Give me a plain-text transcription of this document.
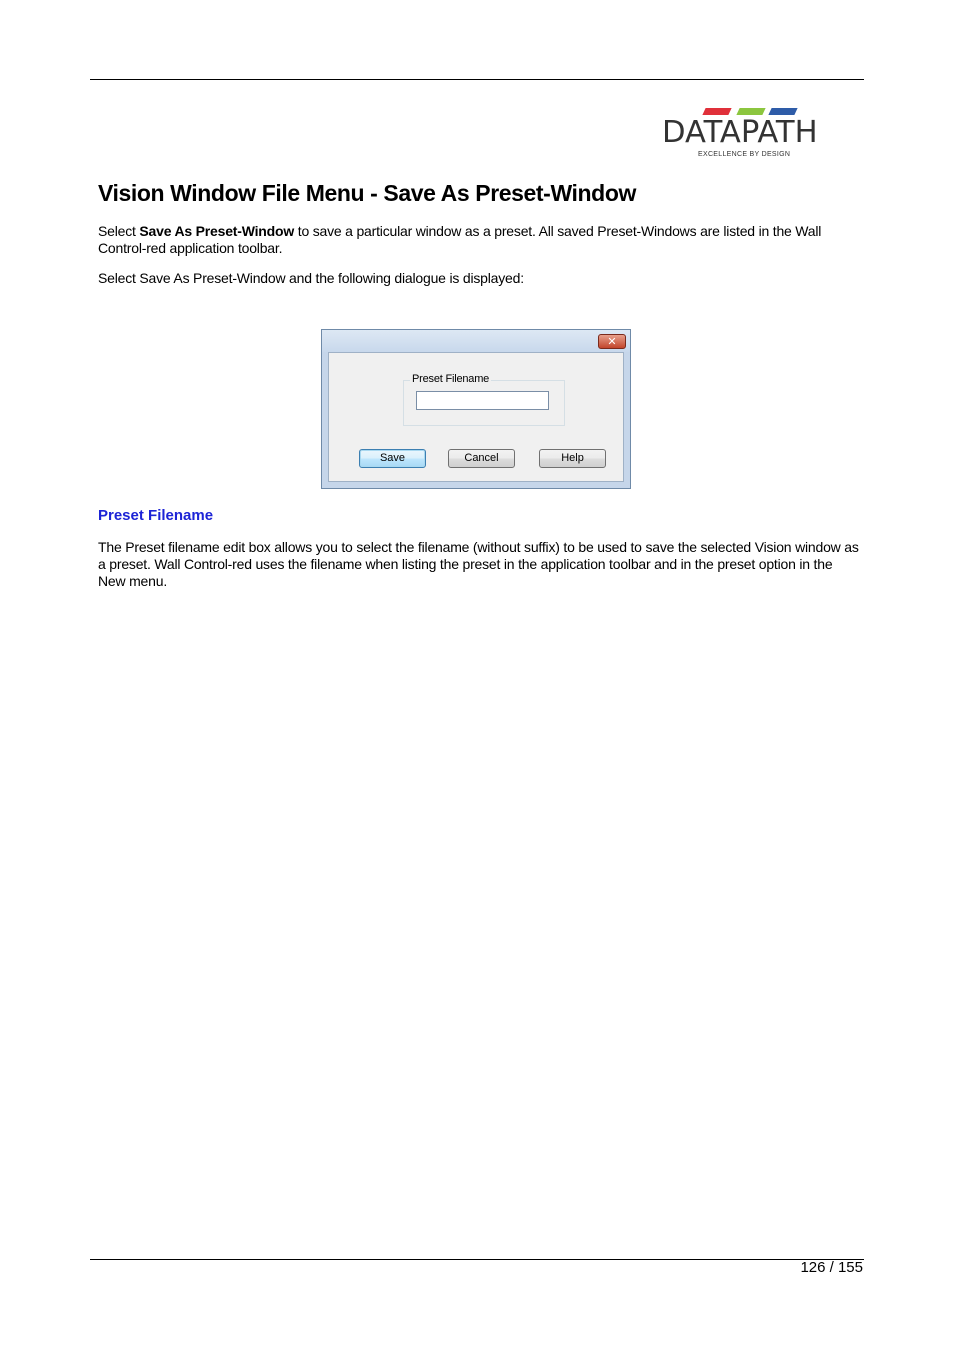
DATAPATH
EXCELLENCE BY DESIGN
Vision Window File Menu - Save As Preset-Window

Select Save As Preset-Window to save a particular window as a preset. All saved Preset-Windows are listed in the Wall Control-red application toolbar.

Select Save As Preset-Window and the following dialogue is displayed:

✕
Preset Filename
Save	Cancel	Help
Preset Filename

The Preset filename edit box allows you to select the filename (without suffix) to be used to save the selected Vision window as a preset. Wall Control-red uses the filename when listing the preset in the application toolbar and in the preset option in the New menu.

126 / 155
